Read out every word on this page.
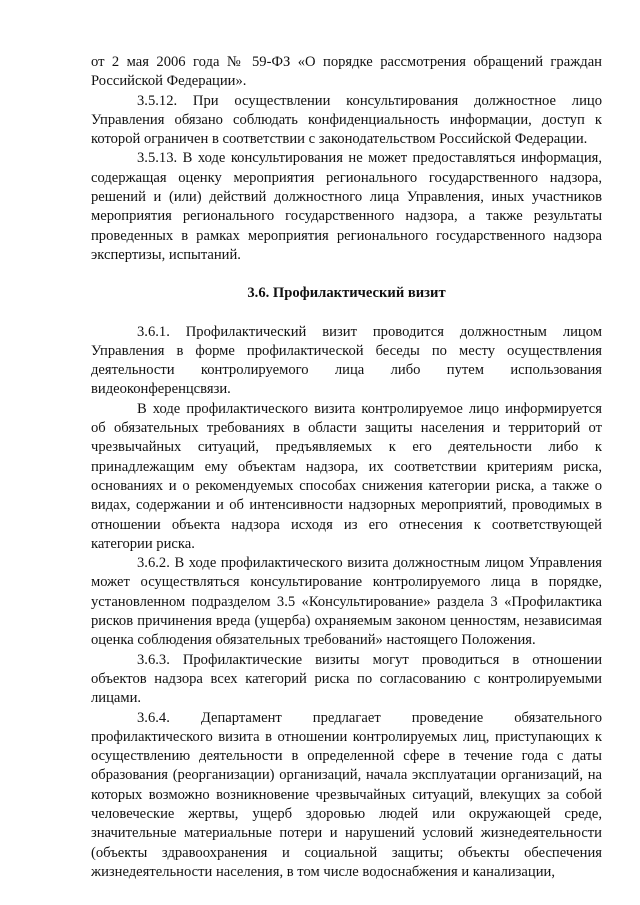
от 2 мая 2006 года № 59-ФЗ «О порядке рассмотрения обращений граждан Российской Федерации».

3.5.12. При осуществлении консультирования должностное лицо Управления обязано соблюдать конфиденциальность информации, доступ к которой ограничен в соответствии с законодательством Российской Федерации.

3.5.13. В ходе консультирования не может предоставляться информация, содержащая оценку мероприятия регионального государственного надзора, решений и (или) действий должностного лица Управления, иных участников мероприятия регионального государственного надзора, а также результаты проведенных в рамках мероприятия регионального государственного надзора экспертизы, испытаний.

3.6. Профилактический визит

3.6.1. Профилактический визит проводится должностным лицом Управления в форме профилактической беседы по месту осуществления деятельности контролируемого лица либо путем использования видеоконференцсвязи.

В ходе профилактического визита контролируемое лицо информируется об обязательных требованиях в области защиты населения и территорий от чрезвычайных ситуаций, предъявляемых к его деятельности либо к принадлежащим ему объектам надзора, их соответствии критериям риска, основаниях и о рекомендуемых способах снижения категории риска, а также о видах, содержании и об интенсивности надзорных мероприятий, проводимых в отношении объекта надзора исходя из его отнесения к соответствующей категории риска.

3.6.2. В ходе профилактического визита должностным лицом Управления может осуществляться консультирование контролируемого лица в порядке, установленном подразделом 3.5 «Консультирование» раздела 3 «Профилактика рисков причинения вреда (ущерба) охраняемым законом ценностям, независимая оценка соблюдения обязательных требований» настоящего Положения.

3.6.3. Профилактические визиты могут проводиться в отношении объектов надзора всех категорий риска по согласованию с контролируемыми лицами.

3.6.4. Департамент предлагает проведение обязательного профилактического визита в отношении контролируемых лиц, приступающих к осуществлению деятельности в определенной сфере в течение года с даты образования (реорганизации) организаций, начала эксплуатации организаций, на которых возможно возникновение чрезвычайных ситуаций, влекущих за собой человеческие жертвы, ущерб здоровью людей или окружающей среде, значительные материальные потери и нарушений условий жизнедеятельности (объекты здравоохранения и социальной защиты; объекты обеспечения жизнедеятельности населения, в том числе водоснабжения и канализации,
